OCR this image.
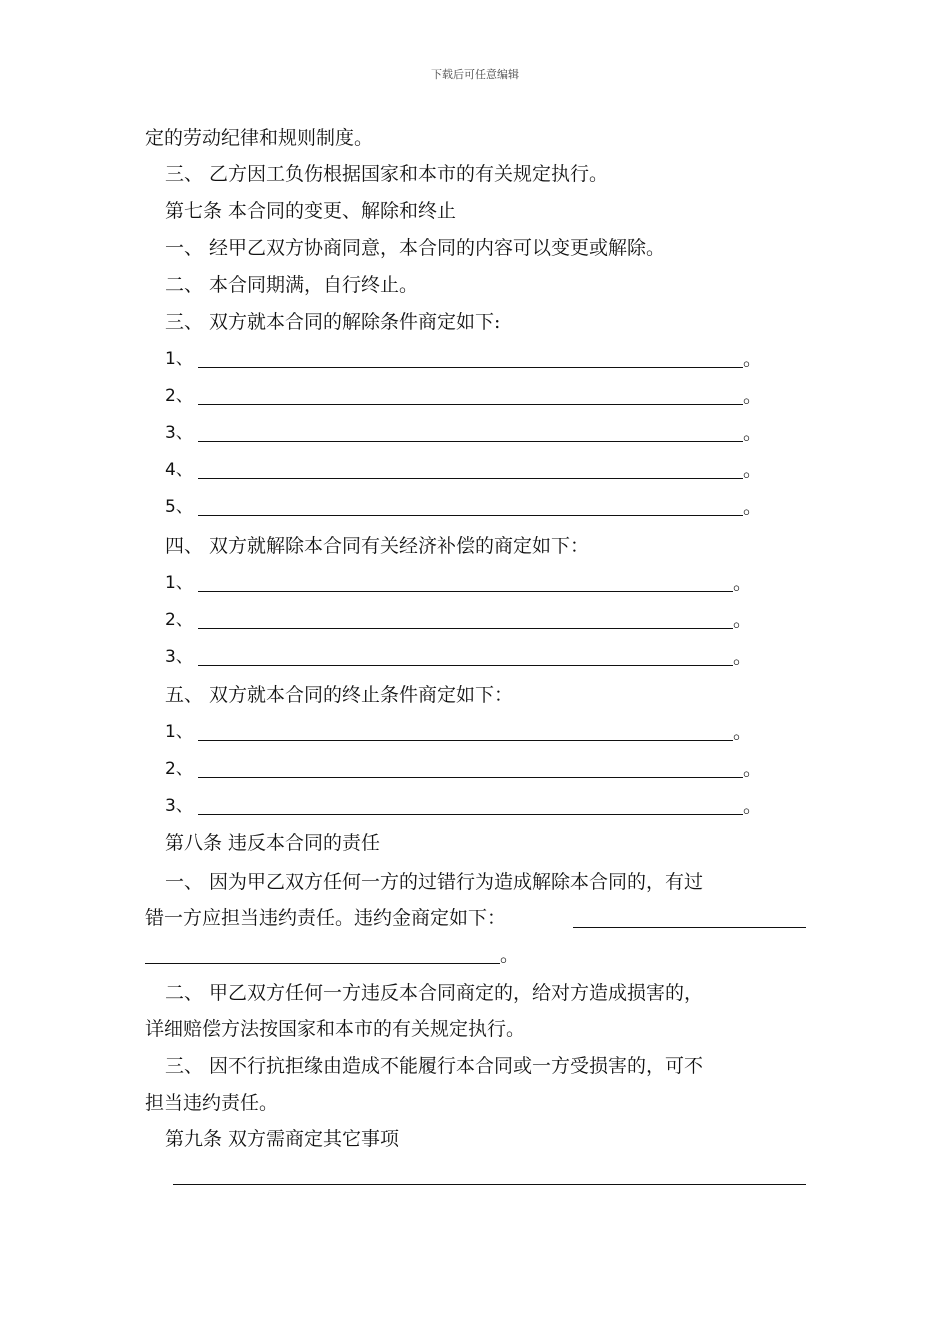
下载后可任意编辑
定的劳动纪律和规则制度。
三、 乙方因工负伤根据国家和本市的有关规定执行。
第七条 本合同的变更、解除和终止
一、 经甲乙双方协商同意，本合同的内容可以变更或解除。
二、 本合同期满，自行终止。
三、 双方就本合同的解除条件商定如下:
1、	。
2、	。
3、	。
4、	。
5、	。
四、 双方就解除本合同有关经济补偿的商定如下：
1、	。
2、	。
3、	。
五、 双方就本合同的终止条件商定如下：
1、	。
2、	。
3、	。
第八条 违反本合同的责任
一、 因为甲乙双方任何一方的过错行为造成解除本合同的，有过
错一方应担当违约责任。违约金商定如下：
。
二、 甲乙双方任何一方违反本合同商定的，给对方造成损害的，
详细赔偿方法按国家和本市的有关规定执行。
三、 因不行抗拒缘由造成不能履行本合同或一方受损害的，可不
担当违约责任。
第九条 双方需商定其它事项
